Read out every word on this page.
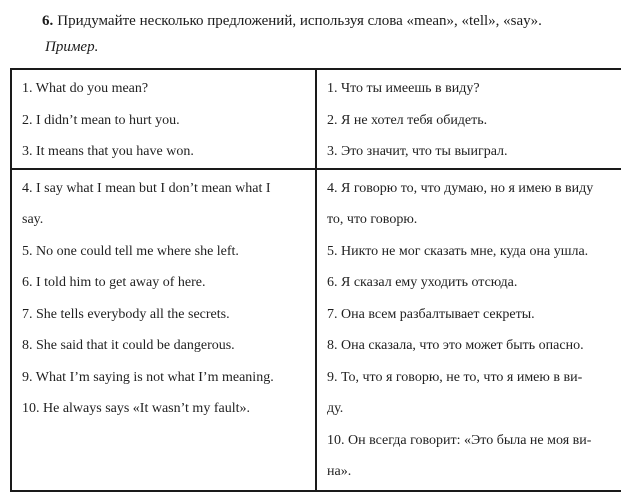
6. Придумайте несколько предложений, используя слова «mean», «tell», «say».
Пример.
1. What do you mean?
2. I didn’t mean to hurt you.
3. It means that you have won.

1. Что ты имеешь в виду?
2. Я не хотел тебя обидеть.
3. Это значит, что ты выиграл.

4. I say what I mean but I don’t mean what I
say.
5. No one could tell me where she left.
6. I told him to get away of here.
7. She tells everybody all the secrets.
8. She said that it could be dangerous.
9. What I’m saying is not what I’m meaning.
10. He always says «It wasn’t my fault».

4. Я говорю то, что думаю, но я имею в виду
то, что говорю.
5. Никто не мог сказать мне, куда она ушла.
6. Я сказал ему уходить отсюда.
7. Она всем разбалтывает секреты.
8. Она сказала, что это может быть опасно.
9. То, что я говорю, не то, что я имею в ви-
ду.
10. Он всегда говорит: «Это была не моя ви-
на».
